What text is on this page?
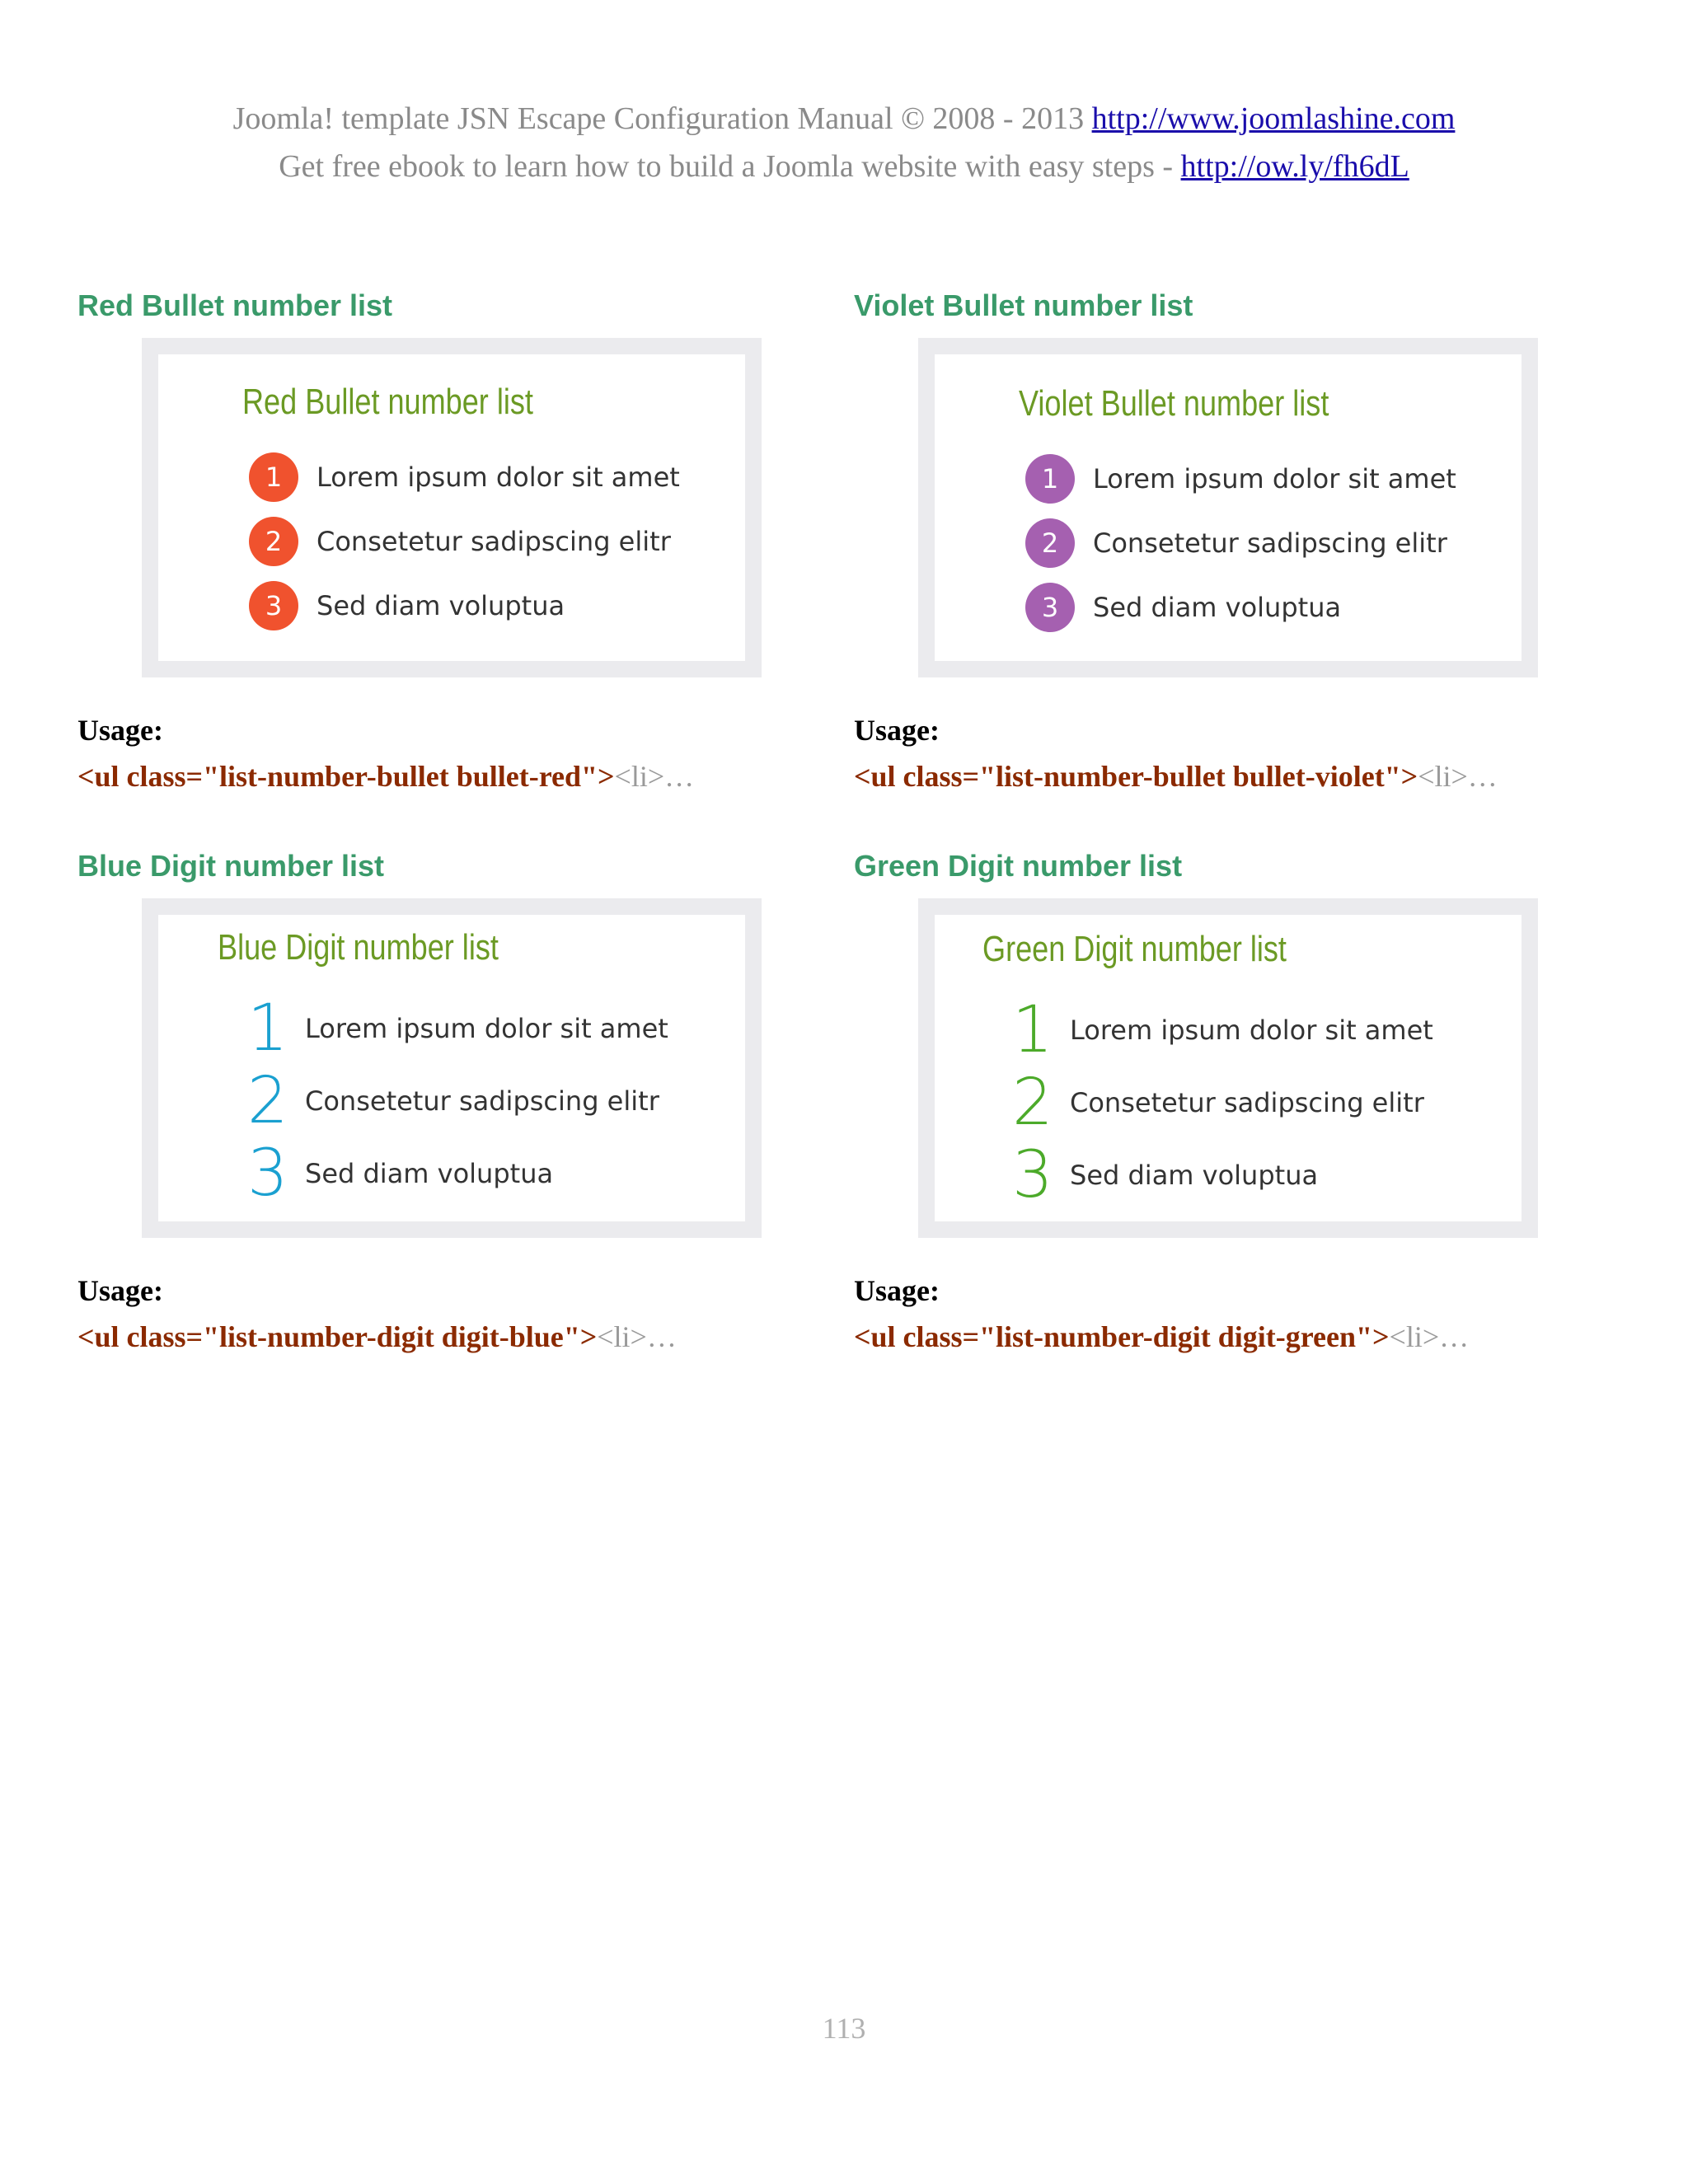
Joomla! template JSN Escape Configuration Manual © 2008 - 2013 http://www.joomlashine.com
Get free ebook to learn how to build a Joomla website with easy steps - http://ow.ly/fh6dL
Red Bullet number list
Red Bullet number list
1 Lorem ipsum dolor sit amet
2 Consetetur sadipscing elitr
3 Sed diam voluptua

Usage:

<ul class="list-number-bullet bullet-red"><li>…

Violet Bullet number list
Violet Bullet number list
1 Lorem ipsum dolor sit amet
2 Consetetur sadipscing elitr
3 Sed diam voluptua

Usage:

<ul class="list-number-bullet bullet-violet"><li>…

Blue Digit number list
Blue Digit number list
1 Lorem ipsum dolor sit amet
2 Consetetur sadipscing elitr
3 Sed diam voluptua

Usage:

<ul class="list-number-digit digit-blue"><li>…

Green Digit number list
Green Digit number list
1 Lorem ipsum dolor sit amet
2 Consetetur sadipscing elitr
3 Sed diam voluptua

Usage:

<ul class="list-number-digit digit-green"><li>…

113
